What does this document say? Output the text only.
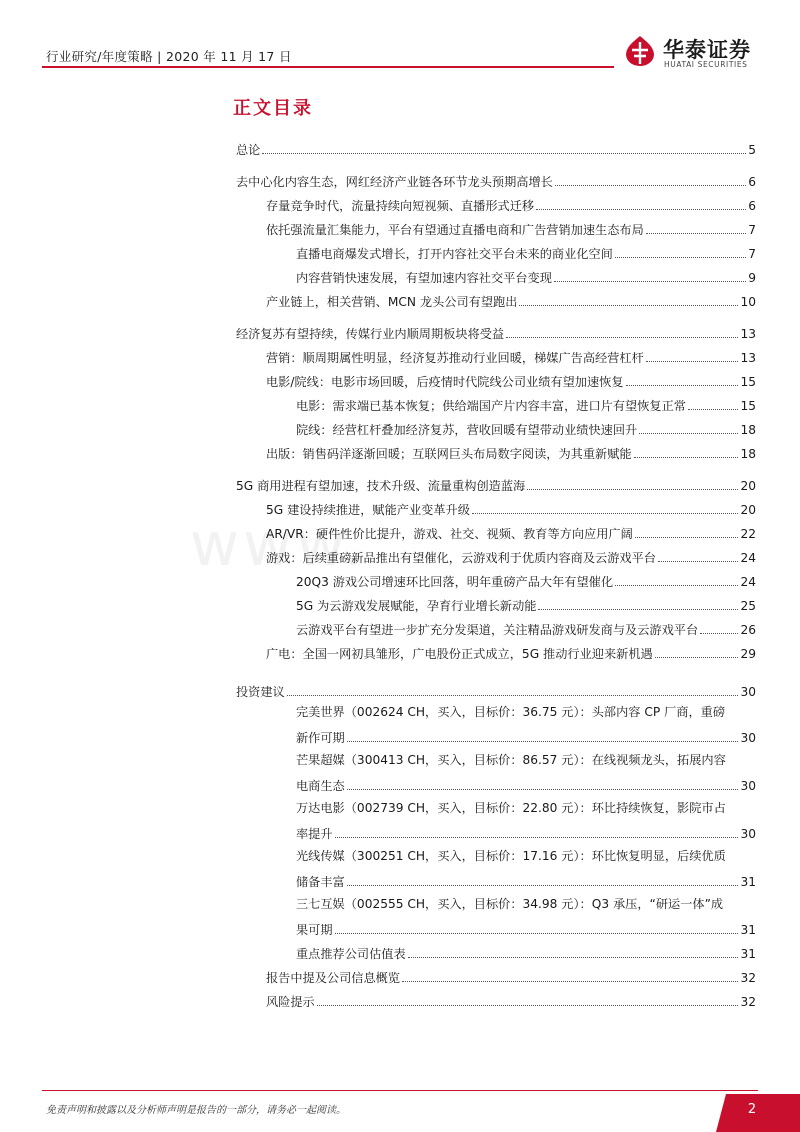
行业研究/年度策略 | 2020 年 11 月 17 日	华泰证券
HUATAI SECURITIES
www.
正文目录
总论	5
去中心化内容生态，网红经济产业链各环节龙头预期高增长	6
存量竞争时代，流量持续向短视频、直播形式迁移	6
依托强流量汇集能力，平台有望通过直播电商和广告营销加速生态布局	7
直播电商爆发式增长，打开内容社交平台未来的商业化空间	7
内容营销快速发展，有望加速内容社交平台变现	9
产业链上，相关营销、MCN 龙头公司有望跑出	10
经济复苏有望持续，传媒行业内顺周期板块将受益	13
营销：顺周期属性明显，经济复苏推动行业回暖，梯媒广告高经营杠杆	13
电影/院线：电影市场回暖，后疫情时代院线公司业绩有望加速恢复	15
电影：需求端已基本恢复；供给端国产片内容丰富，进口片有望恢复正常	15
院线：经营杠杆叠加经济复苏，营收回暖有望带动业绩快速回升	18
出版：销售码洋逐渐回暖；互联网巨头布局数字阅读，为其重新赋能	18
5G 商用进程有望加速，技术升级、流量重构创造蓝海	20
5G 建设持续推进，赋能产业变革升级	20
AR/VR：硬件性价比提升，游戏、社交、视频、教育等方向应用广阔	22
游戏：后续重磅新品推出有望催化，云游戏利于优质内容商及云游戏平台	24
20Q3 游戏公司增速环比回落，明年重磅产品大年有望催化	24
5G 为云游戏发展赋能，孕育行业增长新动能	25
云游戏平台有望进一步扩充分发渠道，关注精品游戏研发商与及云游戏平台	26
广电：全国一网初具雏形，广电股份正式成立，5G 推动行业迎来新机遇	29
投资建议	30
完美世界（002624 CH，买入，目标价：36.75 元）：头部内容 CP 厂商，重磅
新作可期	30
芒果超媒（300413 CH，买入，目标价：86.57 元）：在线视频龙头，拓展内容
电商生态	30
万达电影（002739 CH，买入，目标价：22.80 元）：环比持续恢复，影院市占
率提升	30
光线传媒（300251 CH，买入，目标价：17.16 元）：环比恢复明显，后续优质
储备丰富	31
三七互娱（002555 CH，买入，目标价：34.98 元）：Q3 承压，“研运一体”成
果可期	31
重点推荐公司估值表	31
报告中提及公司信息概览	32
风险提示	32
免责声明和披露以及分析师声明是报告的一部分，请务必一起阅读。	2
